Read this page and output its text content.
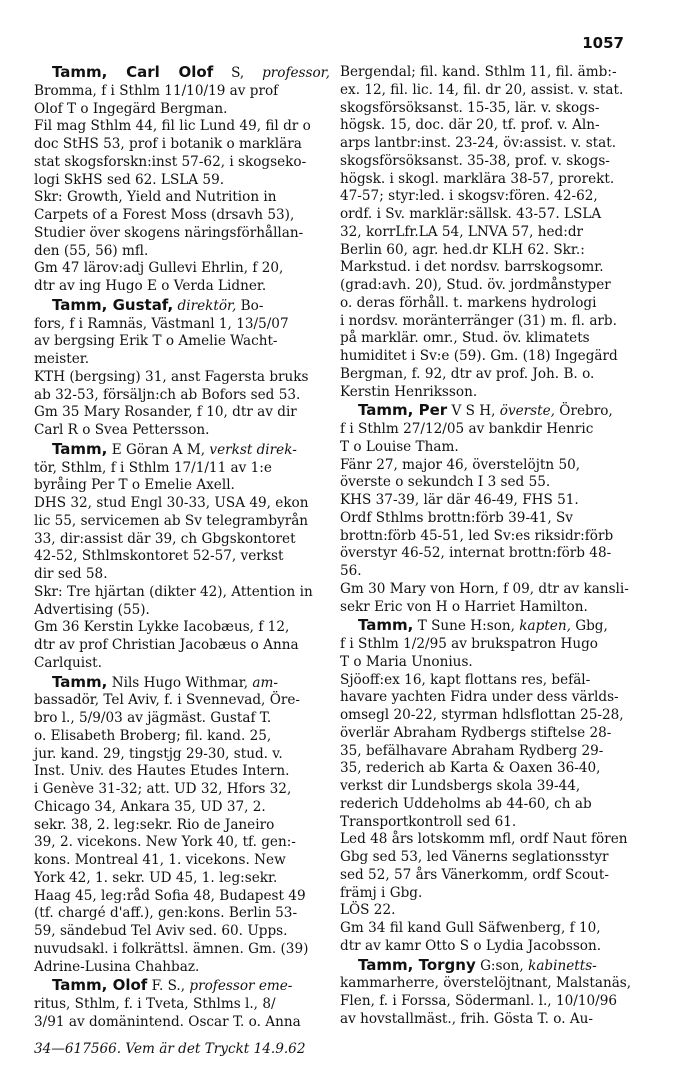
1057

Tamm, Carl Olof S, professor, Bromma, f i Sthlm 11/10/19 av prof
Olof T o Ingegärd Bergman.
Fil mag Sthlm 44, fil lic Lund 49, fil dr o
doc StHS 53, prof i botanik o marklära
stat skogsforskn:inst 57-62, i skogseko-
logi SkHS sed 62. LSLA 59.
Skr: Growth, Yield and Nutrition in
Carpets of a Forest Moss (drsavh 53),
Studier över skogens näringsförhållan-
den (55, 56) mfl.
Gm 47 lärov:adj Gullevi Ehrlin, f 20,
dtr av ing Hugo E o Verda Lidner.

Tamm, Gustaf, direktör, Bo-
fors, f i Ramnäs, Västmanl 1, 13/5/07
av bergsing Erik T o Amelie Wacht-
meister.
KTH (bergsing) 31, anst Fagersta bruks
ab 32-53, försäljn:ch ab Bofors sed 53.
Gm 35 Mary Rosander, f 10, dtr av dir
Carl R o Svea Pettersson.

Tamm, E Göran A M, verkst direk-
tör, Sthlm, f i Sthlm 17/1/11 av 1:e
byråing Per T o Emelie Axell.
DHS 32, stud Engl 30-33, USA 49, ekon
lic 55, servicemen ab Sv telegrambyrån
33, dir:assist där 39, ch Gbgskontoret
42-52, Sthlmskontoret 52-57, verkst
dir sed 58.
Skr: Tre hjärtan (dikter 42), Attention in
Advertising (55).
Gm 36 Kerstin Lykke Iacobæus, f 12,
dtr av prof Christian Jacobæus o Anna
Carlquist.

Tamm, Nils Hugo Withmar, am-
bassadör, Tel Aviv, f. i Svennevad, Öre-
bro l., 5/9/03 av jägmäst. Gustaf T.
o. Elisabeth Broberg; fil. kand. 25,
jur. kand. 29, tingstjg 29-30, stud. v.
Inst. Univ. des Hautes Etudes Intern.
i Genève 31-32; att. UD 32, Hfors 32,
Chicago 34, Ankara 35, UD 37, 2.
sekr. 38, 2. leg:sekr. Rio de Janeiro
39, 2. vicekons. New York 40, tf. gen:-
kons. Montreal 41, 1. vicekons. New
York 42, 1. sekr. UD 45, 1. leg:sekr.
Haag 45, leg:råd Sofia 48, Budapest 49
(tf. chargé d'aff.), gen:kons. Berlin 53-
59, sändebud Tel Aviv sed. 60. Upps.
nuvudsakl. i folkrättsl. ämnen. Gm. (39)
Adrine-Lusina Chahbaz.

Tamm, Olof F. S., professor eme-
ritus, Sthlm, f. i Tveta, Sthlms l., 8/
3/91 av domänintend. Oscar T. o. Anna

Bergendal; fil. kand. Sthlm 11, fil. ämb:-
ex. 12, fil. lic. 14, fil. dr 20, assist. v. stat.
skogsförsöksanst. 15-35, lär. v. skogs-
högsk. 15, doc. där 20, tf. prof. v. Aln-
arps lantbr:inst. 23-24, öv:assist. v. stat.
skogsförsöksanst. 35-38, prof. v. skogs-
högsk. i skogl. marklära 38-57, prorekt.
47-57; styr:led. i skogsv:fören. 42-62,
ordf. i Sv. marklär:sällsk. 43-57. LSLA
32, korrLfr.LA 54, LNVA 57, hed:dr
Berlin 60, agr. hed.dr KLH 62. Skr.:
Markstud. i det nordsv. barrskogsomr.
(grad:avh. 20), Stud. öv. jordmånstyper
o. deras förhåll. t. markens hydrologi
i nordsv. moränterränger (31) m. fl. arb.
på marklär. omr., Stud. öv. klimatets
humiditet i Sv:e (59). Gm. (18) Ingegärd
Bergman, f. 92, dtr av prof. Joh. B. o.
Kerstin Henriksson.

Tamm, Per V S H, överste, Örebro,
f i Sthlm 27/12/05 av bankdir Henric
T o Louise Tham.
Fänr 27, major 46, överstelöjtn 50,
överste o sekundch I 3 sed 55.
KHS 37-39, lär där 46-49, FHS 51.
Ordf Sthlms brottn:förb 39-41, Sv
brottn:förb 45-51, led Sv:es riksidr:förb
överstyr 46-52, internat brottn:förb 48-
56.
Gm 30 Mary von Horn, f 09, dtr av kansli-
sekr Eric von H o Harriet Hamilton.

Tamm, T Sune H:son, kapten, Gbg,
f i Sthlm 1/2/95 av brukspatron Hugo
T o Maria Unonius.
Sjöoff:ex 16, kapt flottans res, befäl-
havare yachten Fidra under dess världs-
omsegl 20-22, styrman hdlsflottan 25-28,
överlär Abraham Rydbergs stiftelse 28-
35, befälhavare Abraham Rydberg 29-
35, rederich ab Karta & Oaxen 36-40,
verkst dir Lundsbergs skola 39-44,
rederich Uddeholms ab 44-60, ch ab
Transportkontroll sed 61.
Led 48 års lotskomm mfl, ordf Naut fören
Gbg sed 53, led Vänerns seglationsstyr
sed 52, 57 års Vänerkomm, ordf Scout-
främj i Gbg.
LÖS 22.
Gm 34 fil kand Gull Säfwenberg, f 10,
dtr av kamr Otto S o Lydia Jacobsson.

Tamm, Torgny G:son, kabinetts-
kammarherre, överstelöjtnant, Malstanäs,
Flen, f. i Forssa, Södermanl. l., 10/10/96
av hovstallmäst., frih. Gösta T. o. Au-

34—617566. Vem är det Tryckt 14.9.62
